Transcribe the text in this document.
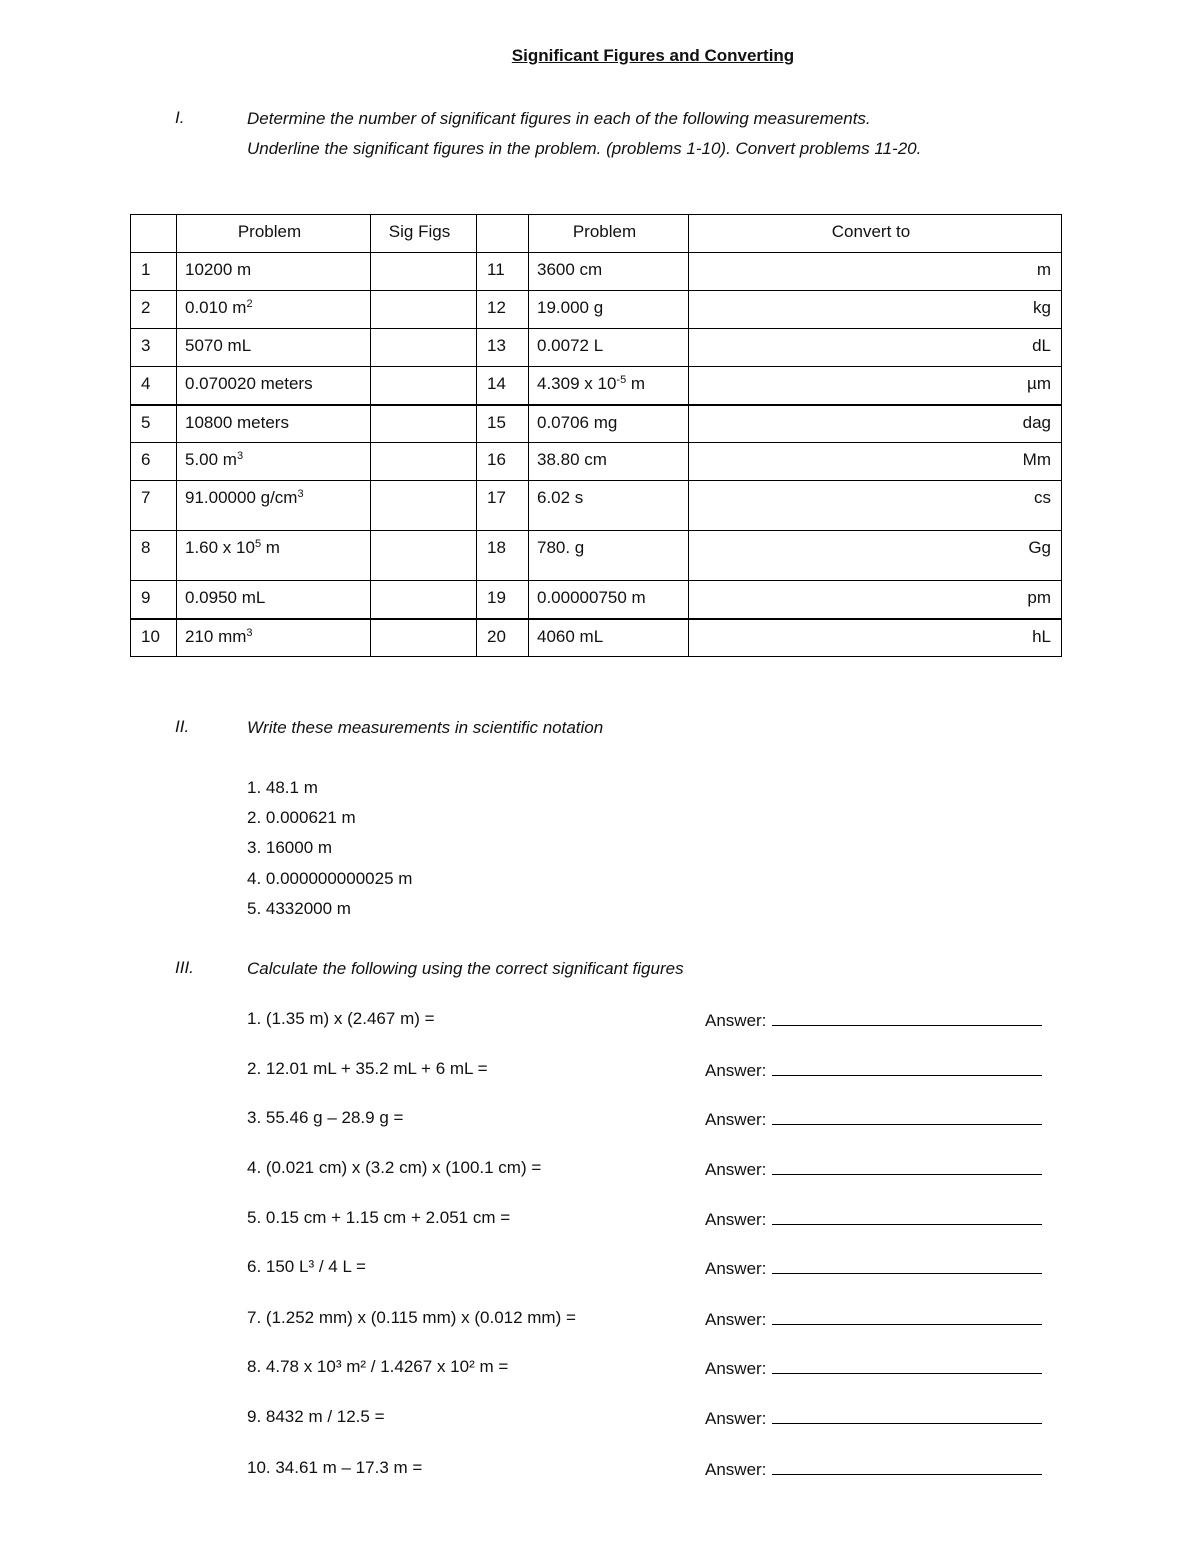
Significant Figures and Converting
I.	Determine the number of significant figures in each of the following measurements.
Underline the significant figures in the problem. (problems 1-10). Convert problems 11-20.
	Problem	Sig Figs		Problem	Convert to
1	10200 m		11	3600 cm	m
2	0.010 $m^2$		12	19.000 g	kg
3	5070 mL		13	0.0072 L	dL
4	0.070020 meters		14	4.309 x $10^{-5}$ m	µm
5	10800 meters		15	0.0706 mg	dag
6	5.00 $m^3$		16	38.80 cm	Mm
7	91.00000 $g/cm^3$		17	6.02 s	cs
8	1.60 x $10^5$ m		18	780. g	Gg
9	0.0950 mL		19	0.00000750 m	pm
10	210 $mm^3$		20	4060 mL	hL
II.	Write these measurements in scientific notation
1. 48.1 m
2. 0.000621 m
3. 16000 m
4. 0.000000000025 m
5. 4332000 m
III.	Calculate the following using the correct significant figures
1. (1.35 m) x (2.467 m) =	Answer:
2. 12.01 mL + 35.2 mL + 6 mL =	Answer:
3. 55.46 g – 28.9 g =	Answer:
4. (0.021 cm) x (3.2 cm) x (100.1 cm) =	Answer:
5. 0.15 cm + 1.15 cm + 2.051 cm =	Answer:
6. 150 L³ / 4 L =	Answer:
7. (1.252 mm) x (0.115 mm) x (0.012 mm) =	Answer:
8. 4.78 x 10³ m² / 1.4267 x 10² m =	Answer:
9. 8432 m / 12.5 =	Answer:
10. 34.61 m – 17.3 m =	Answer:
